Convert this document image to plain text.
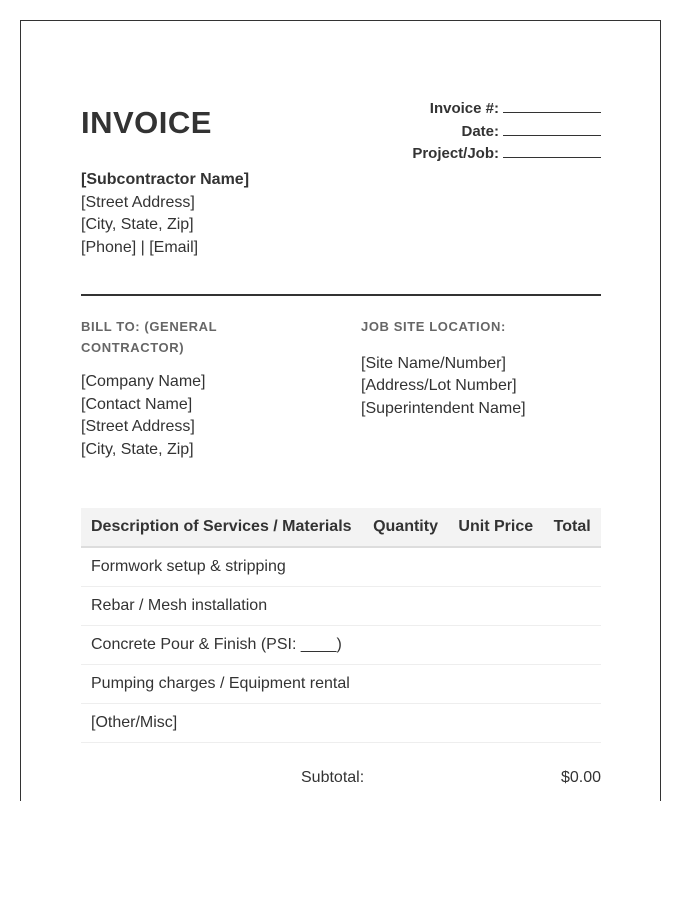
INVOICE	Invoice #:
Date:
Project/Job:
[Subcontractor Name]
[Street Address]
[City, State, Zip]
[Phone] | [Email]
BILL TO: (GENERAL CONTRACTOR)
[Company Name]
[Contact Name]
[Street Address]
[City, State, Zip]
JOB SITE LOCATION:
[Site Name/Number]
[Address/Lot Number]
[Superintendent Name]
Description of Services / Materials	Quantity	Unit Price	Total
Formwork setup & stripping			
Rebar / Mesh installation			
Concrete Pour & Finish (PSI: ____)			
Pumping charges / Equipment rental			
[Other/Misc]			
Subtotal:	$0.00
